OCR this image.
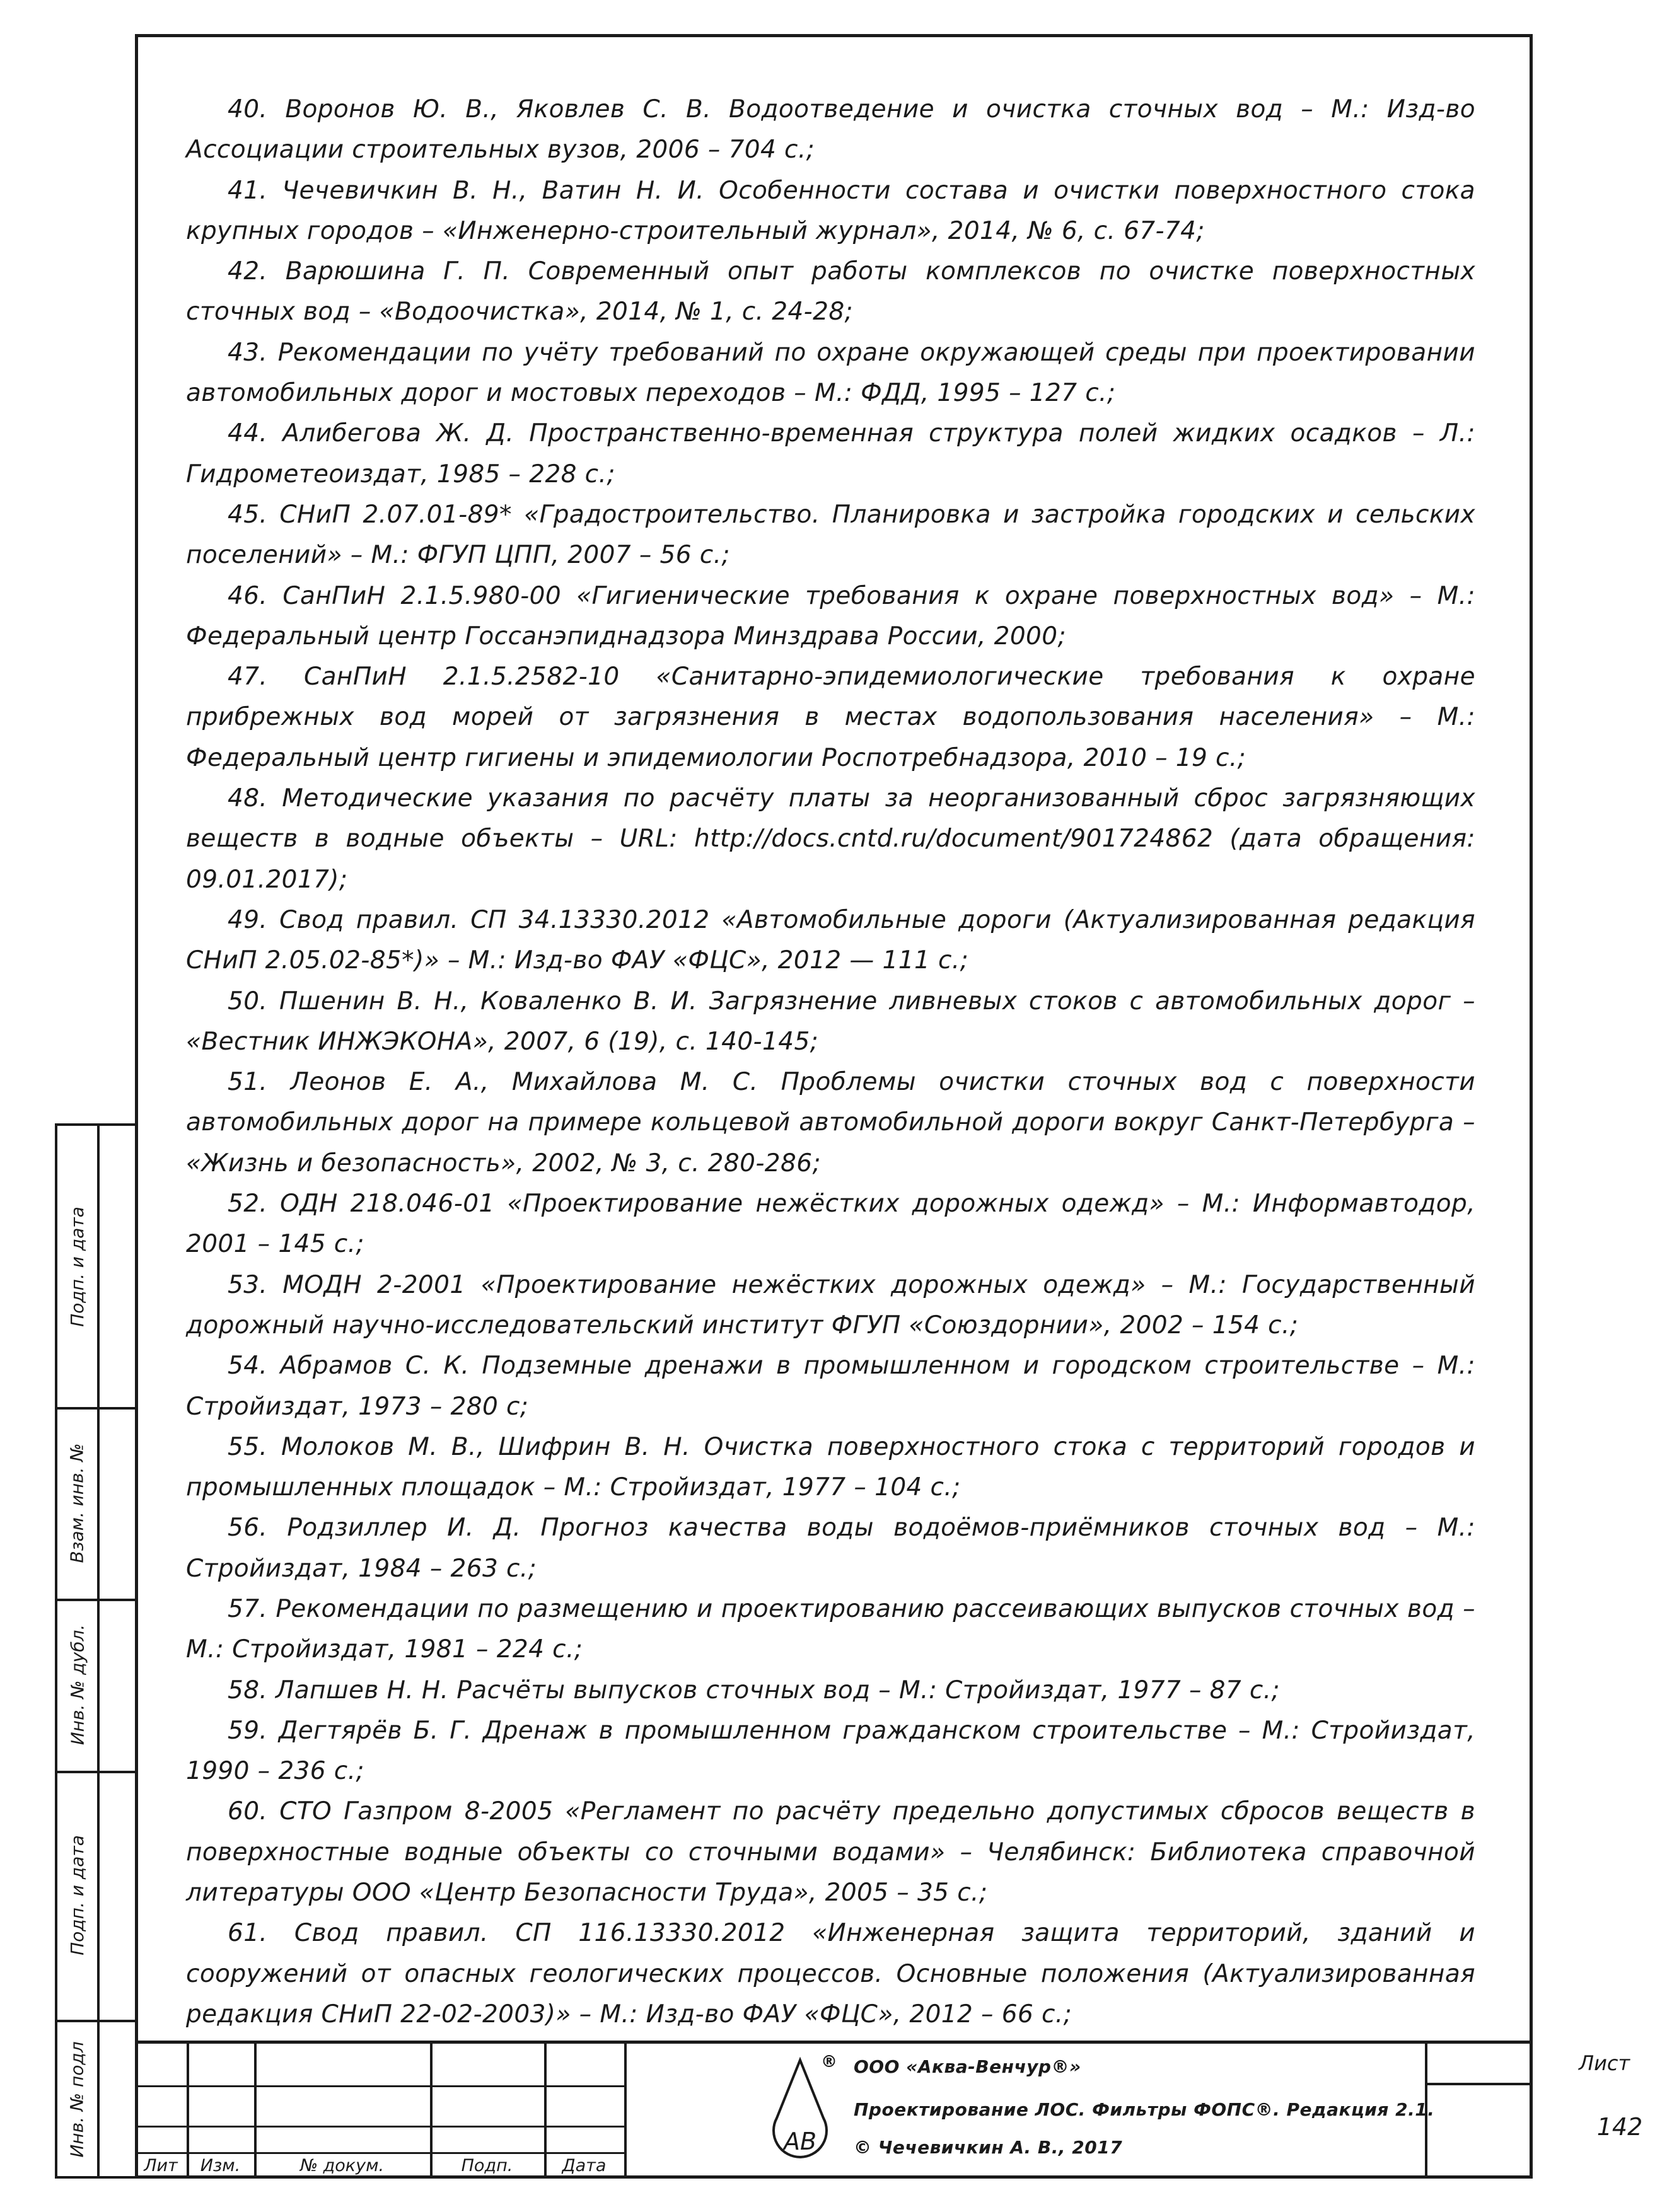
40. Воронов Ю. В., Яковлев С. В. Водоотведение и очистка сточных вод – М.: Изд-во Ассоциации строительных вузов, 2006 – 704 с.;

41. Чечевичкин В. Н., Ватин Н. И. Особенности состава и очистки поверхностного стока крупных городов – «Инженерно-строительный журнал», 2014, № 6, с. 67-74;

42. Варюшина Г. П. Современный опыт работы комплексов по очистке поверхностных сточных вод – «Водоочистка», 2014, № 1, с. 24-28;

43. Рекомендации по учёту требований по охране окружающей среды при проектировании автомобильных дорог и мостовых переходов – М.: ФДД, 1995 – 127 с.;

44. Алибегова Ж. Д. Пространственно-временная структура полей жидких осадков – Л.: Гидрометеоиздат, 1985 – 228 с.;

45. СНиП 2.07.01-89* «Градостроительство. Планировка и застройка городских и сельских поселений» – М.: ФГУП ЦПП, 2007 – 56 с.;

46. СанПиН 2.1.5.980-00 «Гигиенические требования к охране поверхностных вод» – М.: Федеральный центр Госсанэпиднадзора Минздрава России, 2000;

47. СанПиН 2.1.5.2582-10 «Санитарно-эпидемиологические требования к охране прибрежных вод морей от загрязнения в местах водопользования населения» – М.: Федеральный центр гигиены и эпидемиологии Роспотребнадзора, 2010 – 19 с.;

48. Методические указания по расчёту платы за неорганизованный сброс загрязняющих веществ в водные объекты – URL: http://docs.cntd.ru/document/901724862 (дата обращения: 09.01.2017);

49. Свод правил. СП 34.13330.2012 «Автомобильные дороги (Актуализированная редакция СНиП 2.05.02-85*)» – М.: Изд-во ФАУ «ФЦС», 2012 — 111 с.;

50. Пшенин В. Н., Коваленко В. И. Загрязнение ливневых стоков с автомобильных дорог – «Вестник ИНЖЭКОНА», 2007, 6 (19), с. 140-145;

51. Леонов Е. А., Михайлова М. С. Проблемы очистки сточных вод с поверхности автомобильных дорог на примере кольцевой автомобильной дороги вокруг Санкт-Петербурга – «Жизнь и безопасность», 2002, № 3, с. 280-286;

52. ОДН 218.046-01 «Проектирование нежёстких дорожных одежд» – М.: Информавтодор, 2001 – 145 с.;

53. МОДН 2-2001 «Проектирование нежёстких дорожных одежд» – М.: Государственный дорожный научно-исследовательский институт ФГУП «Союздорнии», 2002 – 154 с.;

54. Абрамов С. К. Подземные дренажи в промышленном и городском строительстве – М.: Стройиздат, 1973 – 280 с;

55. Молоков М. В., Шифрин В. Н. Очистка поверхностного стока с территорий городов и промышленных площадок – М.: Стройиздат, 1977 – 104 с.;

56. Родзиллер И. Д. Прогноз качества воды водоёмов-приёмников сточных вод – М.: Стройиздат, 1984 – 263 с.;

57. Рекомендации по размещению и проектированию рассеивающих выпусков сточных вод – М.: Стройиздат, 1981 – 224 с.;

58. Лапшев Н. Н. Расчёты выпусков сточных вод – М.: Стройиздат, 1977 – 87 с.;

59. Дегтярёв Б. Г. Дренаж в промышленном гражданском строительстве – М.: Стройиздат, 1990 – 236 с.;

60. СТО Газпром 8-2005 «Регламент по расчёту предельно допустимых сбросов веществ в поверхностные водные объекты со сточными водами» – Челябинск: Библиотека справочной литературы ООО «Центр Безопасности Труда», 2005 – 35 с.;

61. Свод правил. СП 116.13330.2012 «Инженерная защита территорий, зданий и сооружений от опасных геологических процессов. Основные положения (Актуализированная редакция СНиП 22-02-2003)» – М.: Изд-во ФАУ «ФЦС», 2012 – 66 с.;

Подп. и дата
Взам. инв. №
Инв. № дубл.
Подп. и дата
Инв. № подл
Лит	Изм.	№ докум.	Подп.	Дата
АВ
® ООО «Аква-Венчур®»
Проектирование ЛОС. Фильтры ФОПС®. Редакция 2.1.
© Чечевичкин А. В., 2017
Лист
142
